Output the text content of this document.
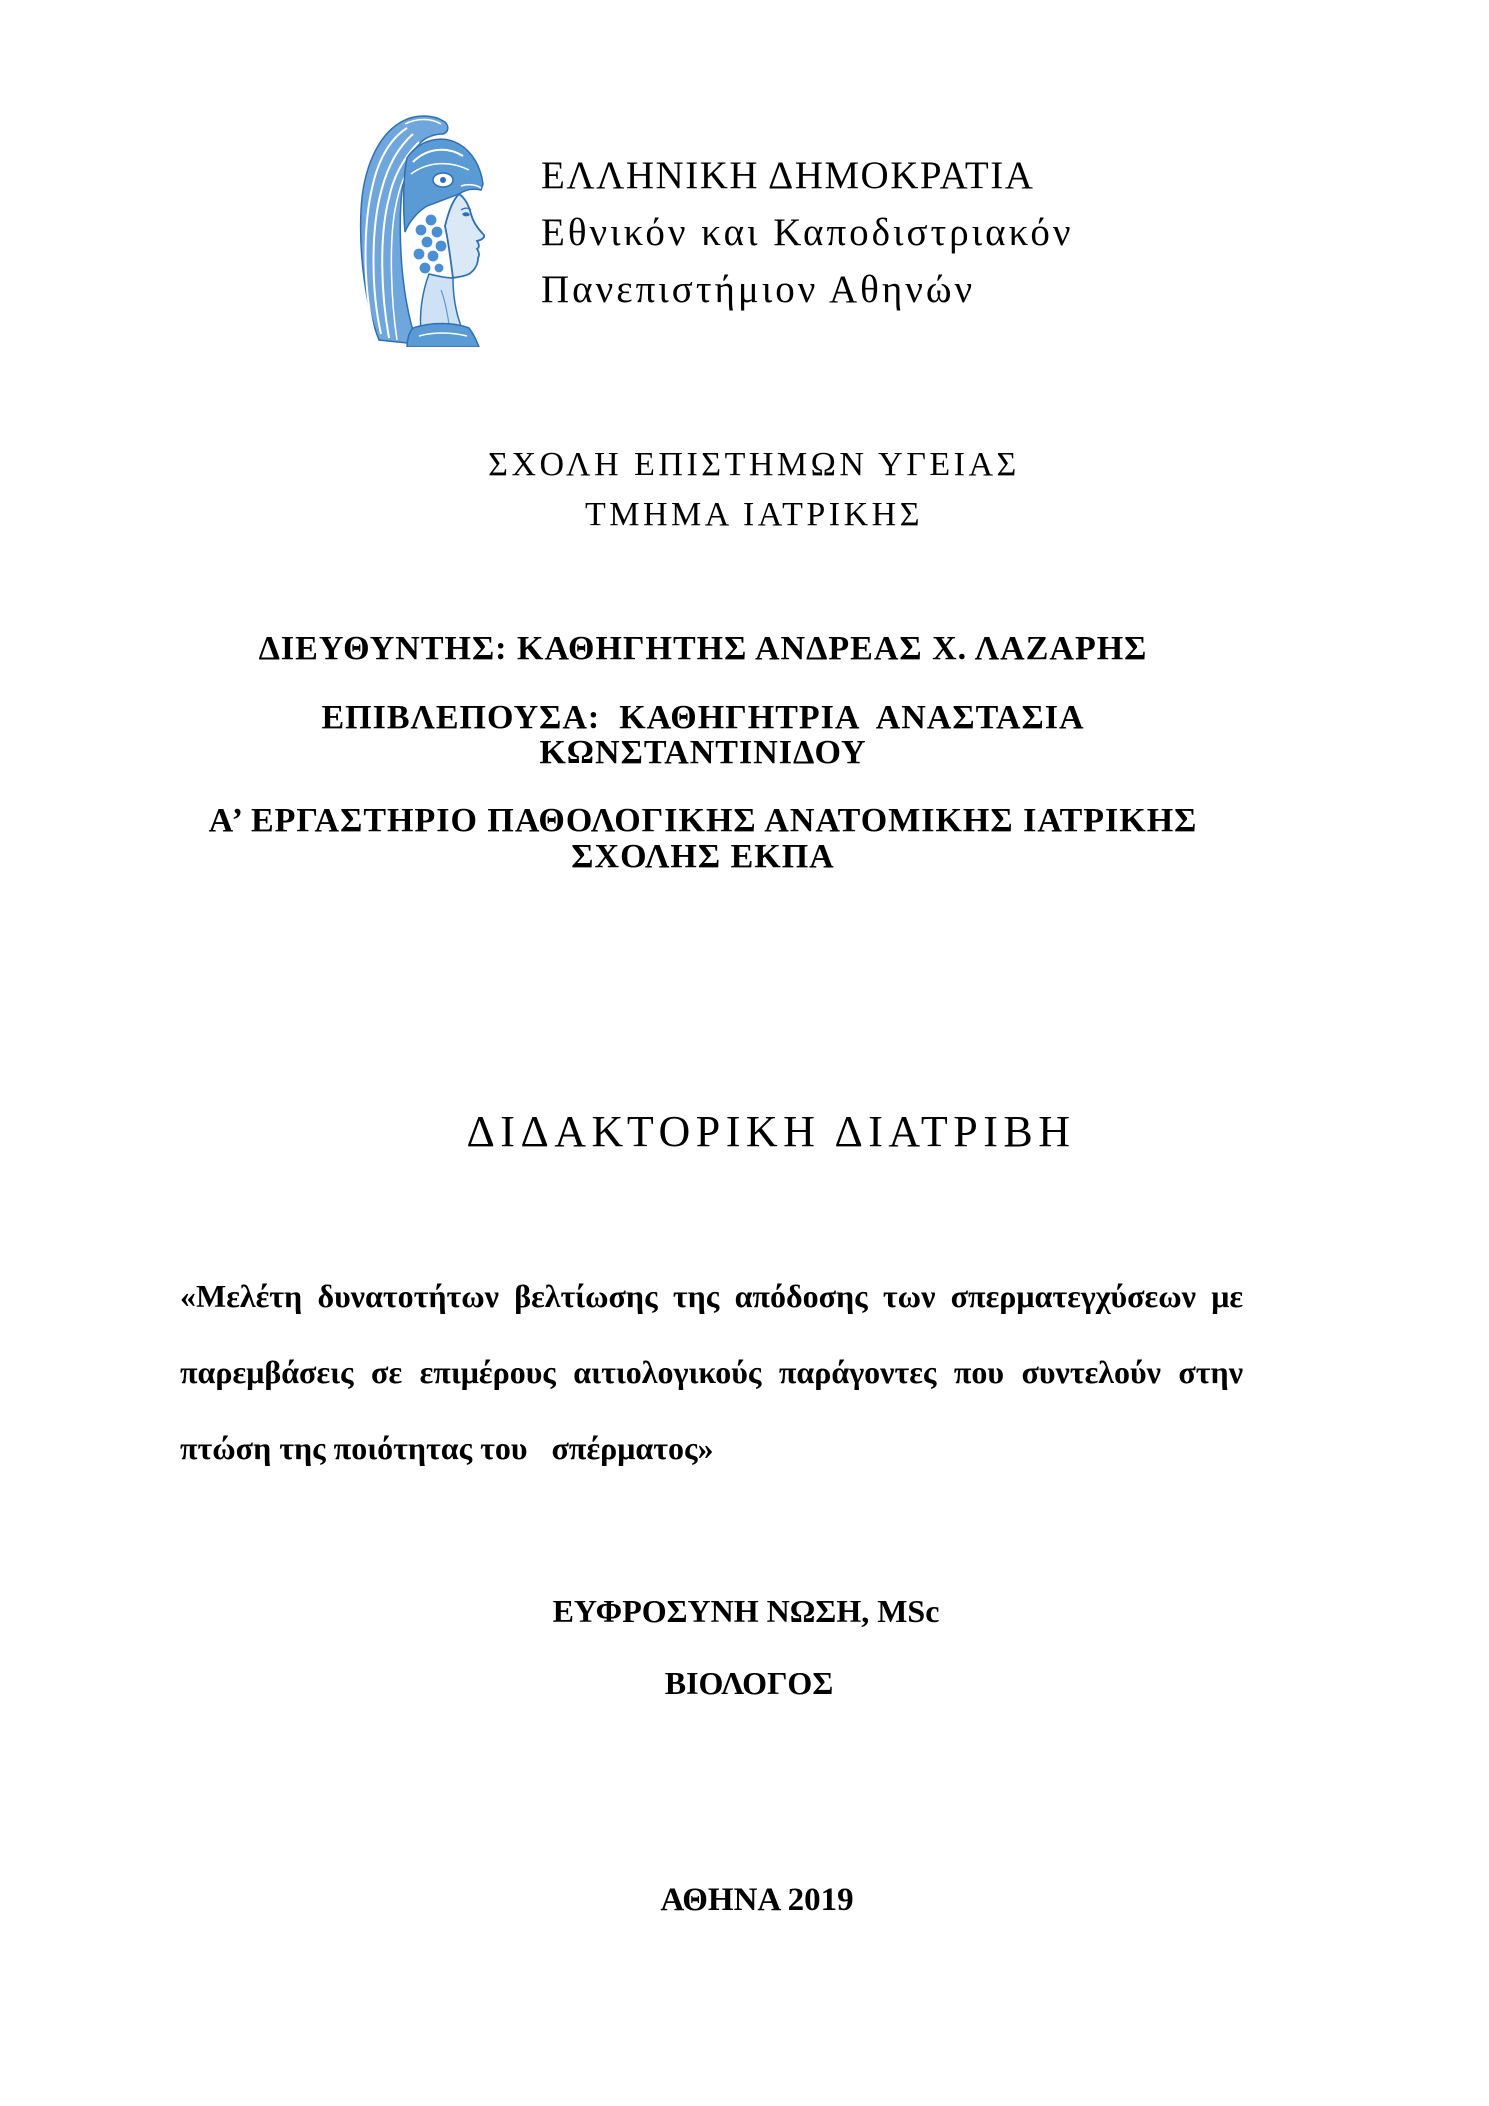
ΕΛΛΗΝΙΚΗ ΔΗΜΟΚΡΑΤΙΑ
Εθνικόν και Καποδιστριακόν
Πανεπιστήμιον Αθηνών
ΣΧΟΛΗ ΕΠΙΣΤΗΜΩΝ ΥΓΕΙΑΣ
ΤΜΗΜΑ ΙΑΤΡΙΚΗΣ
ΔΙΕΥΘΥΝΤΗΣ: ΚΑΘΗΓΗΤΗΣ ΑΝΔΡΕΑΣ Χ. ΛΑΖΑΡΗΣ
ΕΠΙΒΛΕΠΟΥΣΑ:  ΚΑΘΗΓΗΤΡΙΑ  ΑΝΑΣΤΑΣΙΑ
ΚΩΝΣΤΑΝΤΙΝΙΔΟΥ
Α’ ΕΡΓΑΣΤΗΡΙΟ ΠΑΘΟΛΟΓΙΚΗΣ ΑΝΑΤΟΜΙΚΗΣ ΙΑΤΡΙΚΗΣ
ΣΧΟΛΗΣ ΕΚΠΑ
ΔΙΔΑΚΤΟΡΙΚΗ ΔΙΑΤΡΙΒΗ
«Μελέτη δυνατοτήτων βελτίωσης της απόδοσης των σπερματεγχύσεων με
παρεμβάσεις σε επιμέρους αιτιολογικούς παράγοντες που συντελούν στην
πτώση της ποιότητας του   σπέρματος»
ΕΥΦΡΟΣΥΝΗ ΝΩΣΗ, MSc
ΒΙΟΛΟΓΟΣ
ΑΘΗΝΑ 2019
